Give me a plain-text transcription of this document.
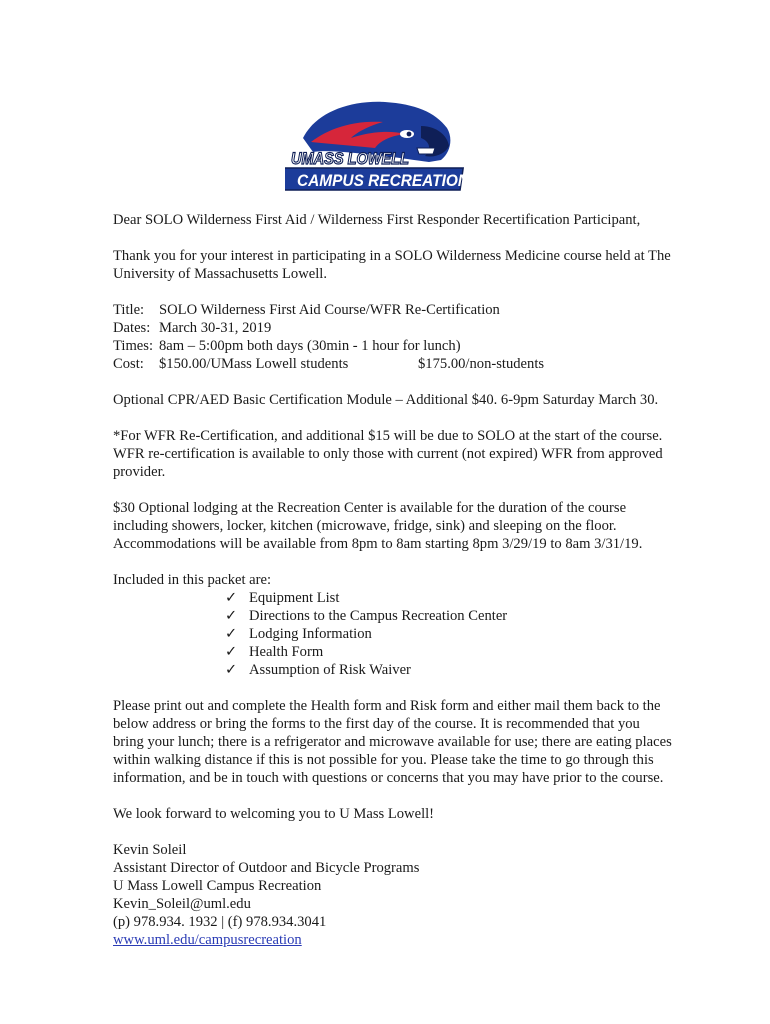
UMASS LOWELL
CAMPUS RECREATION

Dear SOLO Wilderness First Aid / Wilderness First Responder Recertification Participant,

Thank you for your interest in participating in a SOLO Wilderness Medicine course held at The

University of Massachusetts Lowell.

Title:	SOLO Wilderness First Aid Course/WFR Re-Certification
Dates: March 30-31, 2019
Times: 8am – 5:00pm both days (30min - 1 hour for lunch)
Cost:	$150.00/UMass Lowell students	$175.00/non-students

Optional CPR/AED Basic Certification Module – Additional $40. 6-9pm Saturday March 30.

*For WFR Re-Certification, and additional $15 will be due to SOLO at the start of the course.

WFR re-certification is available to only those with current (not expired) WFR from approved

provider.

$30 Optional lodging at the Recreation Center is available for the duration of the course

including showers, locker, kitchen (microwave, fridge, sink) and sleeping on the floor.

Accommodations will be available from 8pm to 8am starting 8pm 3/29/19 to 8am 3/31/19.

Included in this packet are:

✓ Equipment List
✓ Directions to the Campus Recreation Center
✓ Lodging Information
✓ Health Form
✓ Assumption of Risk Waiver

Please print out and complete the Health form and Risk form and either mail them back to the

below address or bring the forms to the first day of the course. It is recommended that you

bring your lunch; there is a refrigerator and microwave available for use; there are eating places

within walking distance if this is not possible for you. Please take the time to go through this

information, and be in touch with questions or concerns that you may have prior to the course.

We look forward to welcoming you to U Mass Lowell!

Kevin Soleil

Assistant Director of Outdoor and Bicycle Programs

U Mass Lowell Campus Recreation

Kevin_Soleil@uml.edu

(p) 978.934. 1932 | (f) 978.934.3041

www.uml.edu/campusrecreation
